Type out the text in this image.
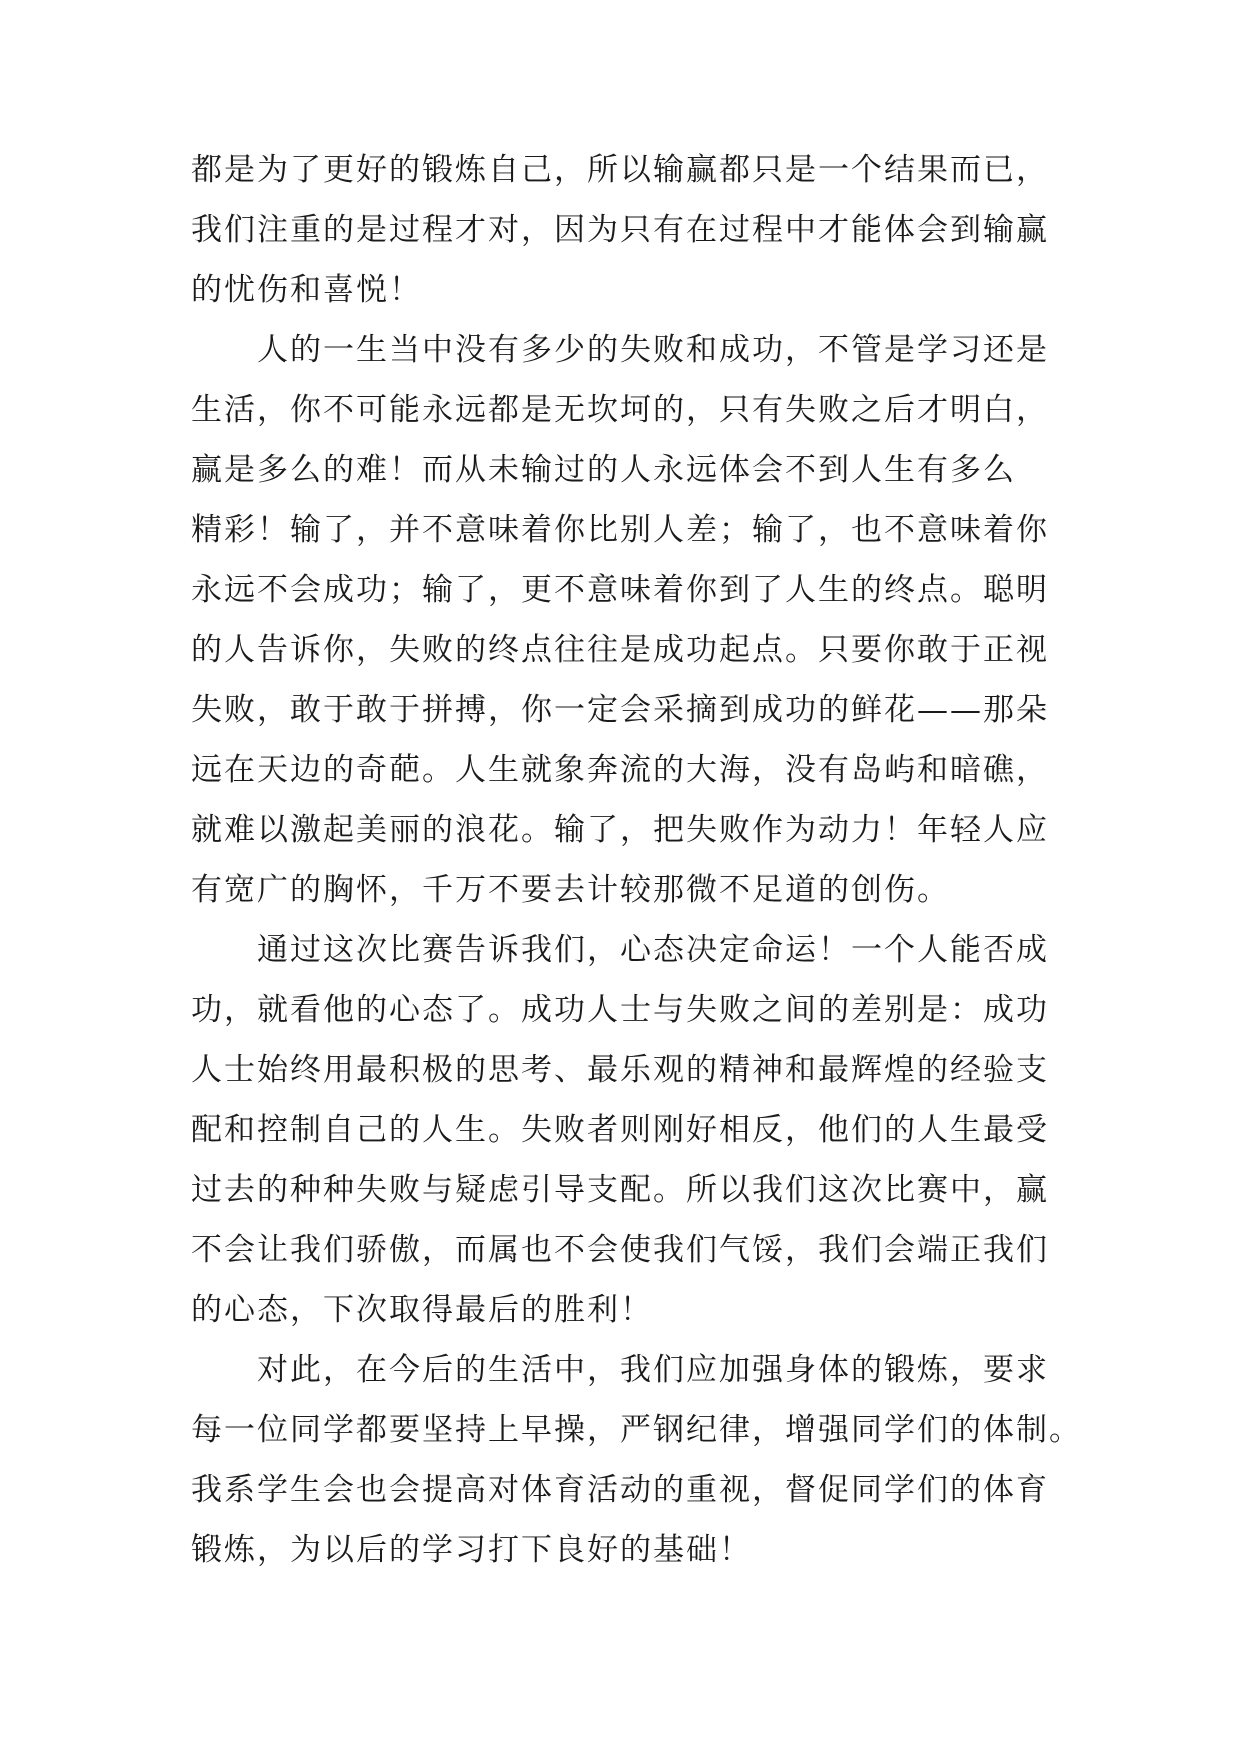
都是为了更好的锻炼自己，所以输赢都只是一个结果而已，
我们注重的是过程才对，因为只有在过程中才能体会到输赢
的忧伤和喜悦！
人的一生当中没有多少的失败和成功，不管是学习还是
生活，你不可能永远都是无坎坷的，只有失败之后才明白，
赢是多么的难！而从未输过的人永远体会不到人生有多么
精彩！输了，并不意味着你比别人差；输了，也不意味着你
永远不会成功；输了，更不意味着你到了人生的终点。聪明
的人告诉你，失败的终点往往是成功起点。只要你敢于正视
失败，敢于敢于拼搏，你一定会采摘到成功的鲜花——那朵
远在天边的奇葩。人生就象奔流的大海，没有岛屿和暗礁，
就难以激起美丽的浪花。输了，把失败作为动力！年轻人应
有宽广的胸怀，千万不要去计较那微不足道的创伤。
通过这次比赛告诉我们，心态决定命运！一个人能否成
功，就看他的心态了。成功人士与失败之间的差别是：成功
人士始终用最积极的思考、最乐观的精神和最辉煌的经验支
配和控制自己的人生。失败者则刚好相反，他们的人生最受
过去的种种失败与疑虑引导支配。所以我们这次比赛中，赢
不会让我们骄傲，而属也不会使我们气馁，我们会端正我们
的心态，下次取得最后的胜利！
对此，在今后的生活中，我们应加强身体的锻炼，要求
每一位同学都要坚持上早操，严钢纪律，增强同学们的体制。
我系学生会也会提高对体育活动的重视，督促同学们的体育
锻炼，为以后的学习打下良好的基础！
